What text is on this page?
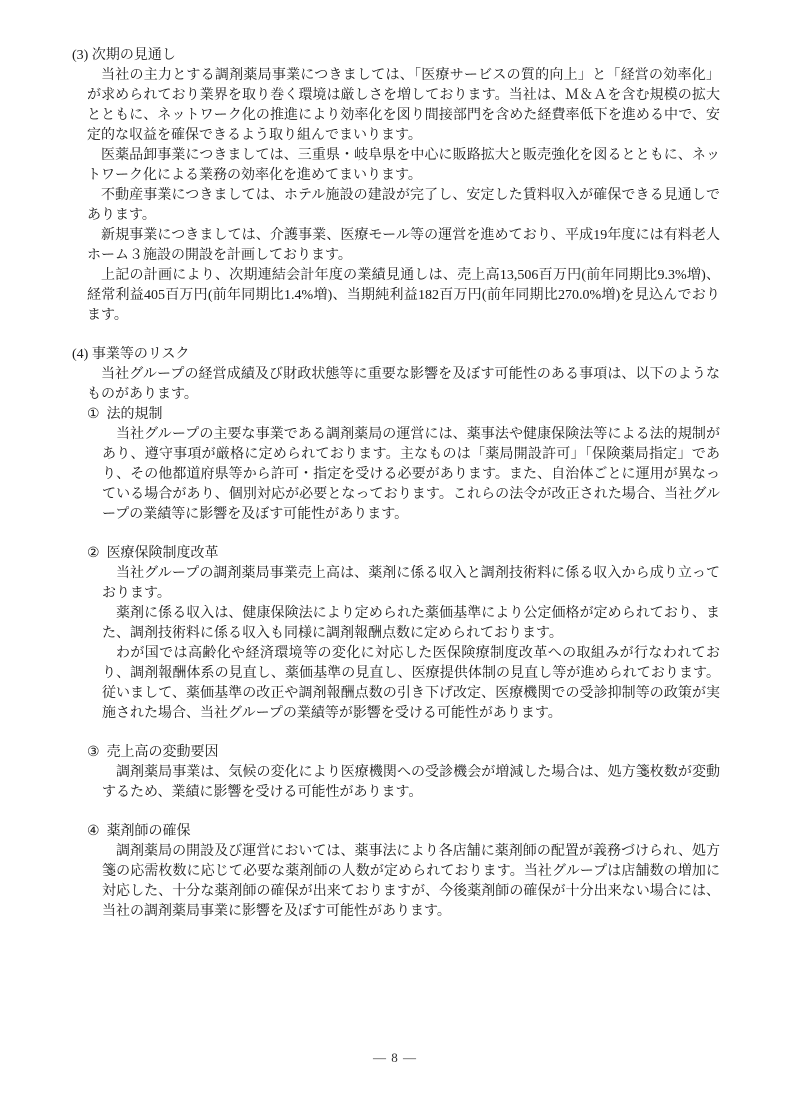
(3) 次期の見通し

当社の主力とする調剤薬局事業につきましては、「医療サービスの質的向上」と「経営の効率化」が求められており業界を取り巻く環境は厳しさを増しております。当社は、Ｍ＆Ａを含む規模の拡大とともに、ネットワーク化の推進により効率化を図り間接部門を含めた経費率低下を進める中で、安定的な収益を確保できるよう取り組んでまいります。

医薬品卸事業につきましては、三重県・岐阜県を中心に販路拡大と販売強化を図るとともに、ネットワーク化による業務の効率化を進めてまいります。

不動産事業につきましては、ホテル施設の建設が完了し、安定した賃料収入が確保できる見通しであります。

新規事業につきましては、介護事業、医療モール等の運営を進めており、平成19年度には有料老人ホーム３施設の開設を計画しております。

上記の計画により、次期連結会計年度の業績見通しは、売上高13,506百万円(前年同期比9.3%増)、経常利益405百万円(前年同期比1.4%増)、当期純利益182百万円(前年同期比270.0%増)を見込んでおります。

(4) 事業等のリスク

当社グループの経営成績及び財政状態等に重要な影響を及ぼす可能性のある事項は、以下のようなものがあります。

① 法的規制

当社グループの主要な事業である調剤薬局の運営には、薬事法や健康保険法等による法的規制があり、遵守事項が厳格に定められております。主なものは「薬局開設許可」「保険薬局指定」であり、その他都道府県等から許可・指定を受ける必要があります。また、自治体ごとに運用が異なっている場合があり、個別対応が必要となっております。これらの法令が改正された場合、当社グループの業績等に影響を及ぼす可能性があります。

② 医療保険制度改革

当社グループの調剤薬局事業売上高は、薬剤に係る収入と調剤技術料に係る収入から成り立っております。

薬剤に係る収入は、健康保険法により定められた薬価基準により公定価格が定められており、また、調剤技術料に係る収入も同様に調剤報酬点数に定められております。

わが国では高齢化や経済環境等の変化に対応した医保険療制度改革への取組みが行なわれており、調剤報酬体系の見直し、薬価基準の見直し、医療提供体制の見直し等が進められております。従いまして、薬価基準の改正や調剤報酬点数の引き下げ改定、医療機関での受診抑制等の政策が実施された場合、当社グループの業績等が影響を受ける可能性があります。

③ 売上高の変動要因

調剤薬局事業は、気候の変化により医療機関への受診機会が増減した場合は、処方箋枚数が変動するため、業績に影響を受ける可能性があります。

④ 薬剤師の確保

調剤薬局の開設及び運営においては、薬事法により各店舗に薬剤師の配置が義務づけられ、処方箋の応需枚数に応じて必要な薬剤師の人数が定められております。当社グループは店舗数の増加に対応した、十分な薬剤師の確保が出来ておりますが、今後薬剤師の確保が十分出来ない場合には、当社の調剤薬局事業に影響を及ぼす可能性があります。

― 8 ―
